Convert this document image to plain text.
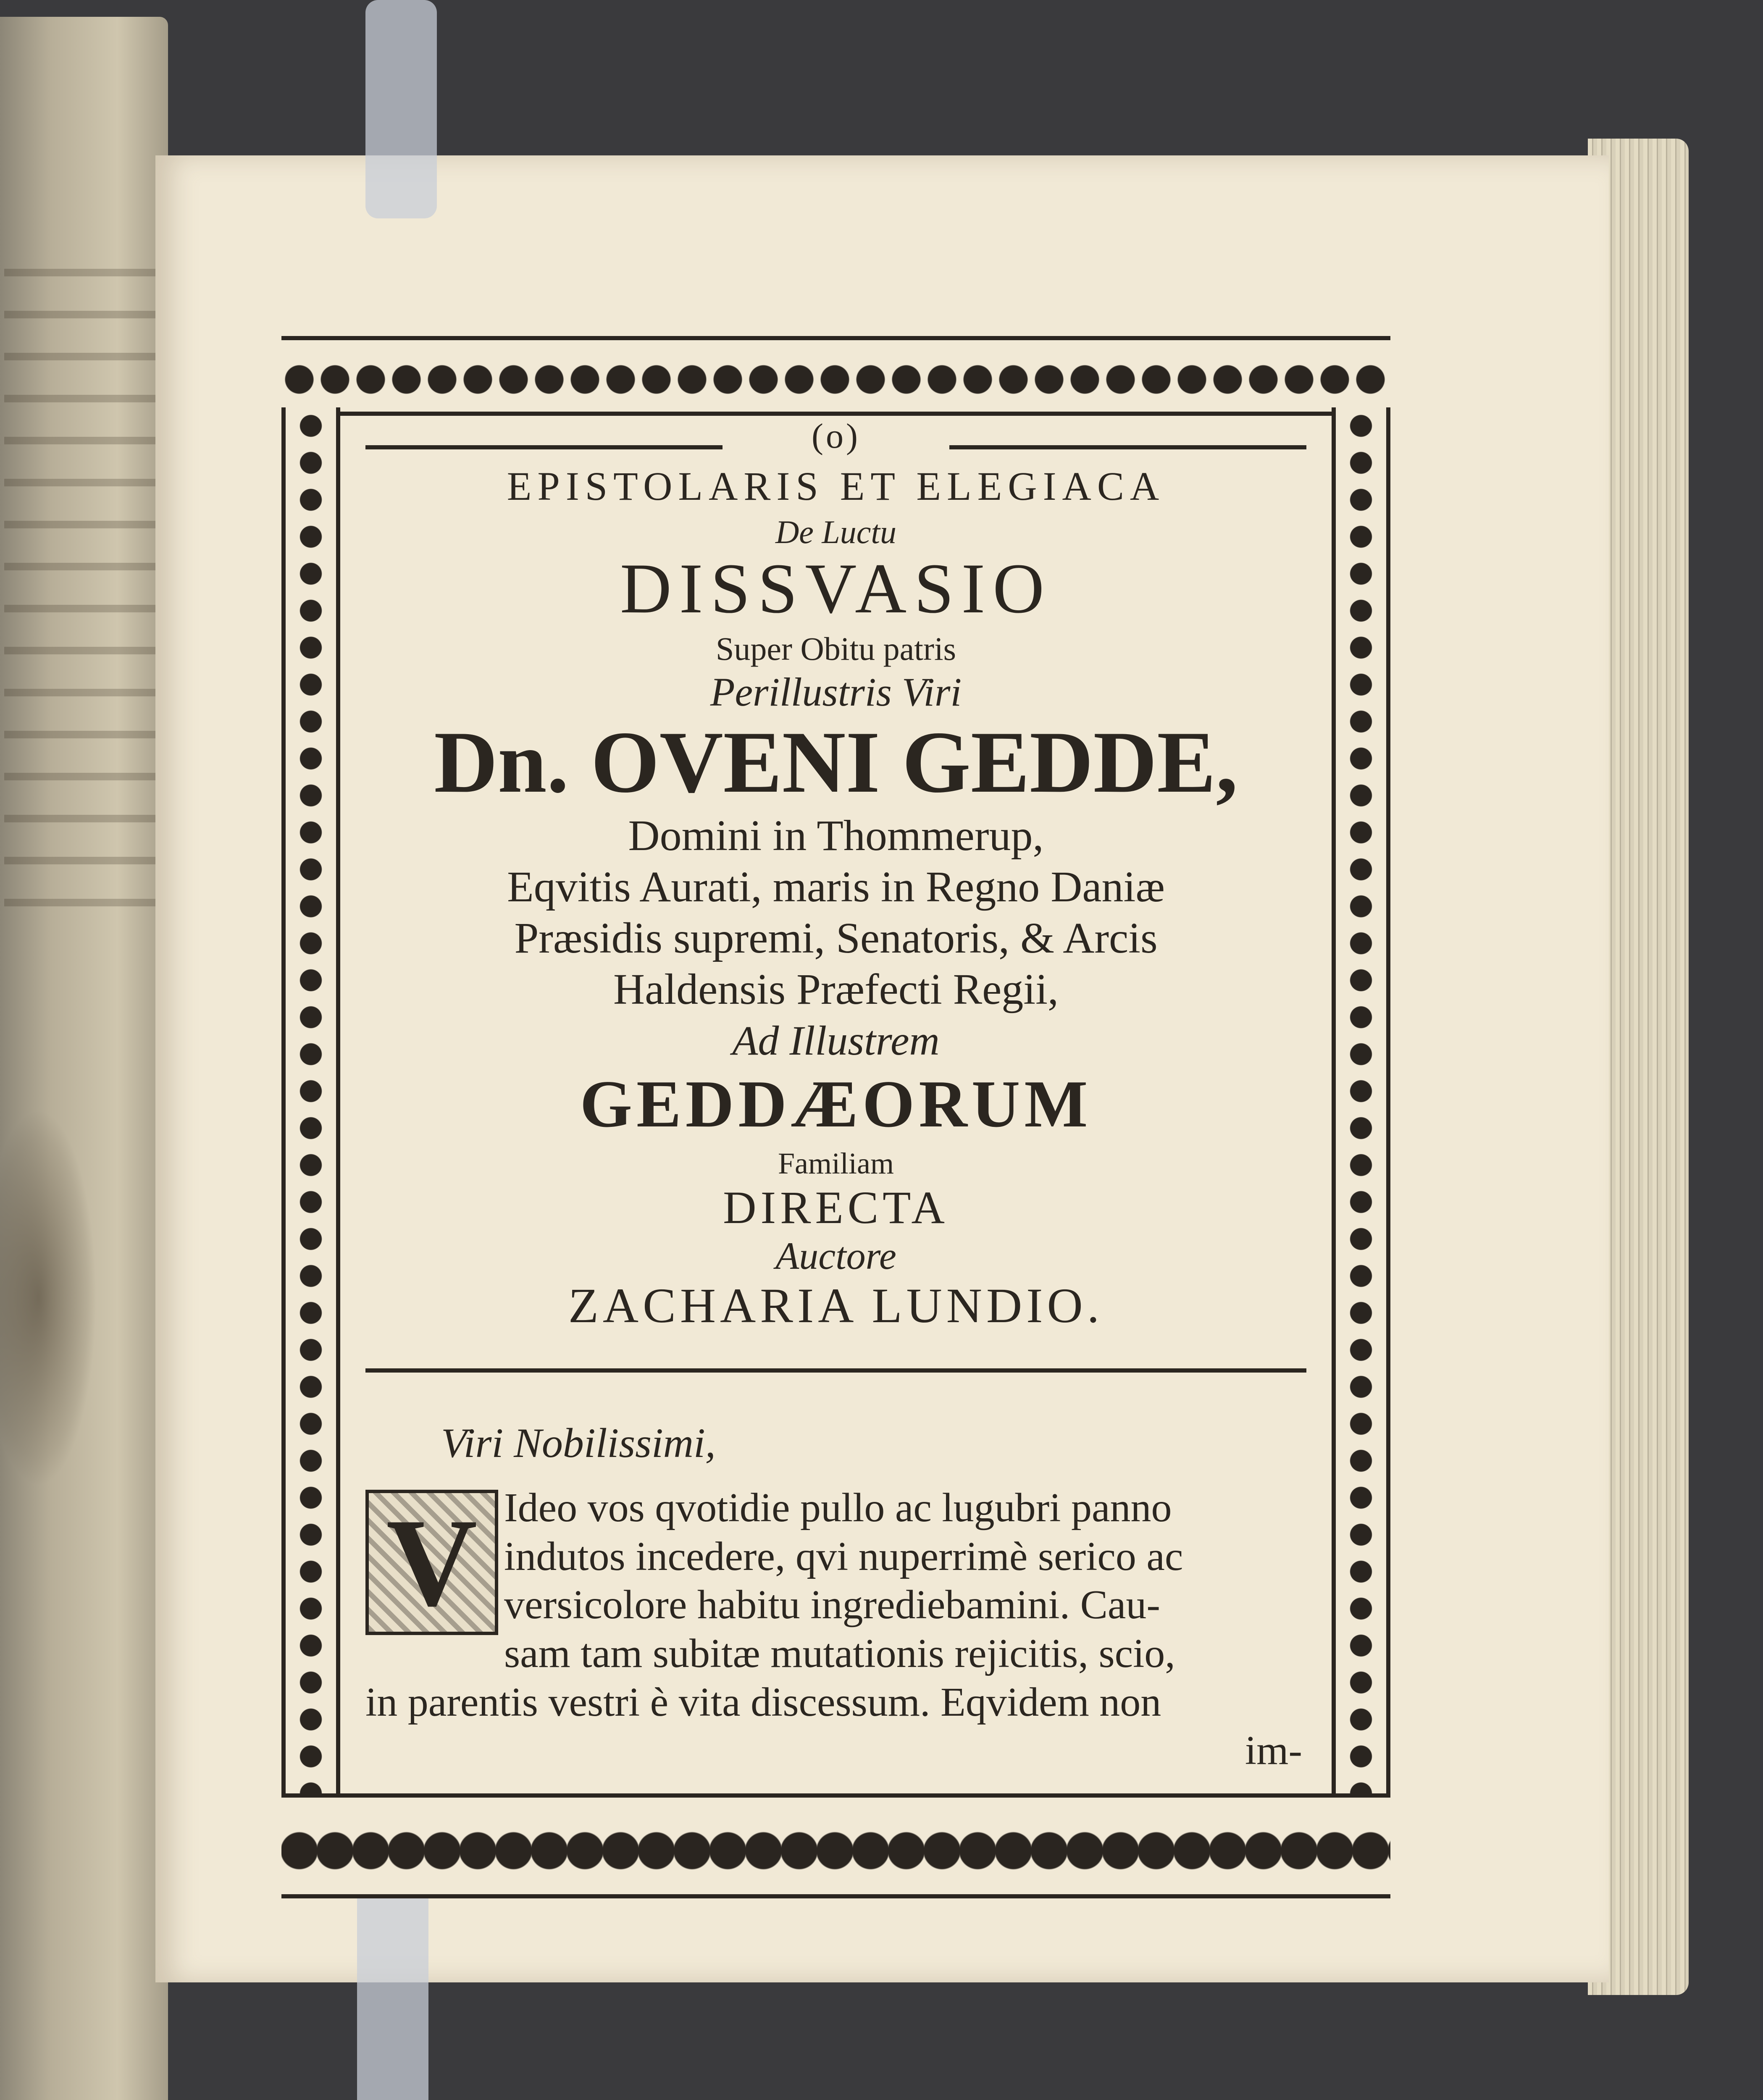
(o)
EPISTOLARIS ET ELEGIACA
De Luctu
DISSVASIO
Super Obitu patris
Perillustris Viri
Dn. OVENI GEDDE,
Domini in Thommerup,
Eqvitis Aurati, maris in Regno Daniæ
Præsidis supremi, Senatoris, & Arcis
Haldensis Præfecti Regii,
Ad Illustrem
GEDDÆORUM
Familiam
DIRECTA
Auctore
ZACHARIA LUNDIO.
Viri Nobilissimi,
V Ideo vos qvotidie pullo ac lugubri panno
indutos incedere, qvi nuperrimè serico ac
versicolore habitu ingrediebamini. Cau-
sam tam subitæ mutationis rejicitis, scio,
in parentis vestri è vita discessum. Eqvidem non
im-
